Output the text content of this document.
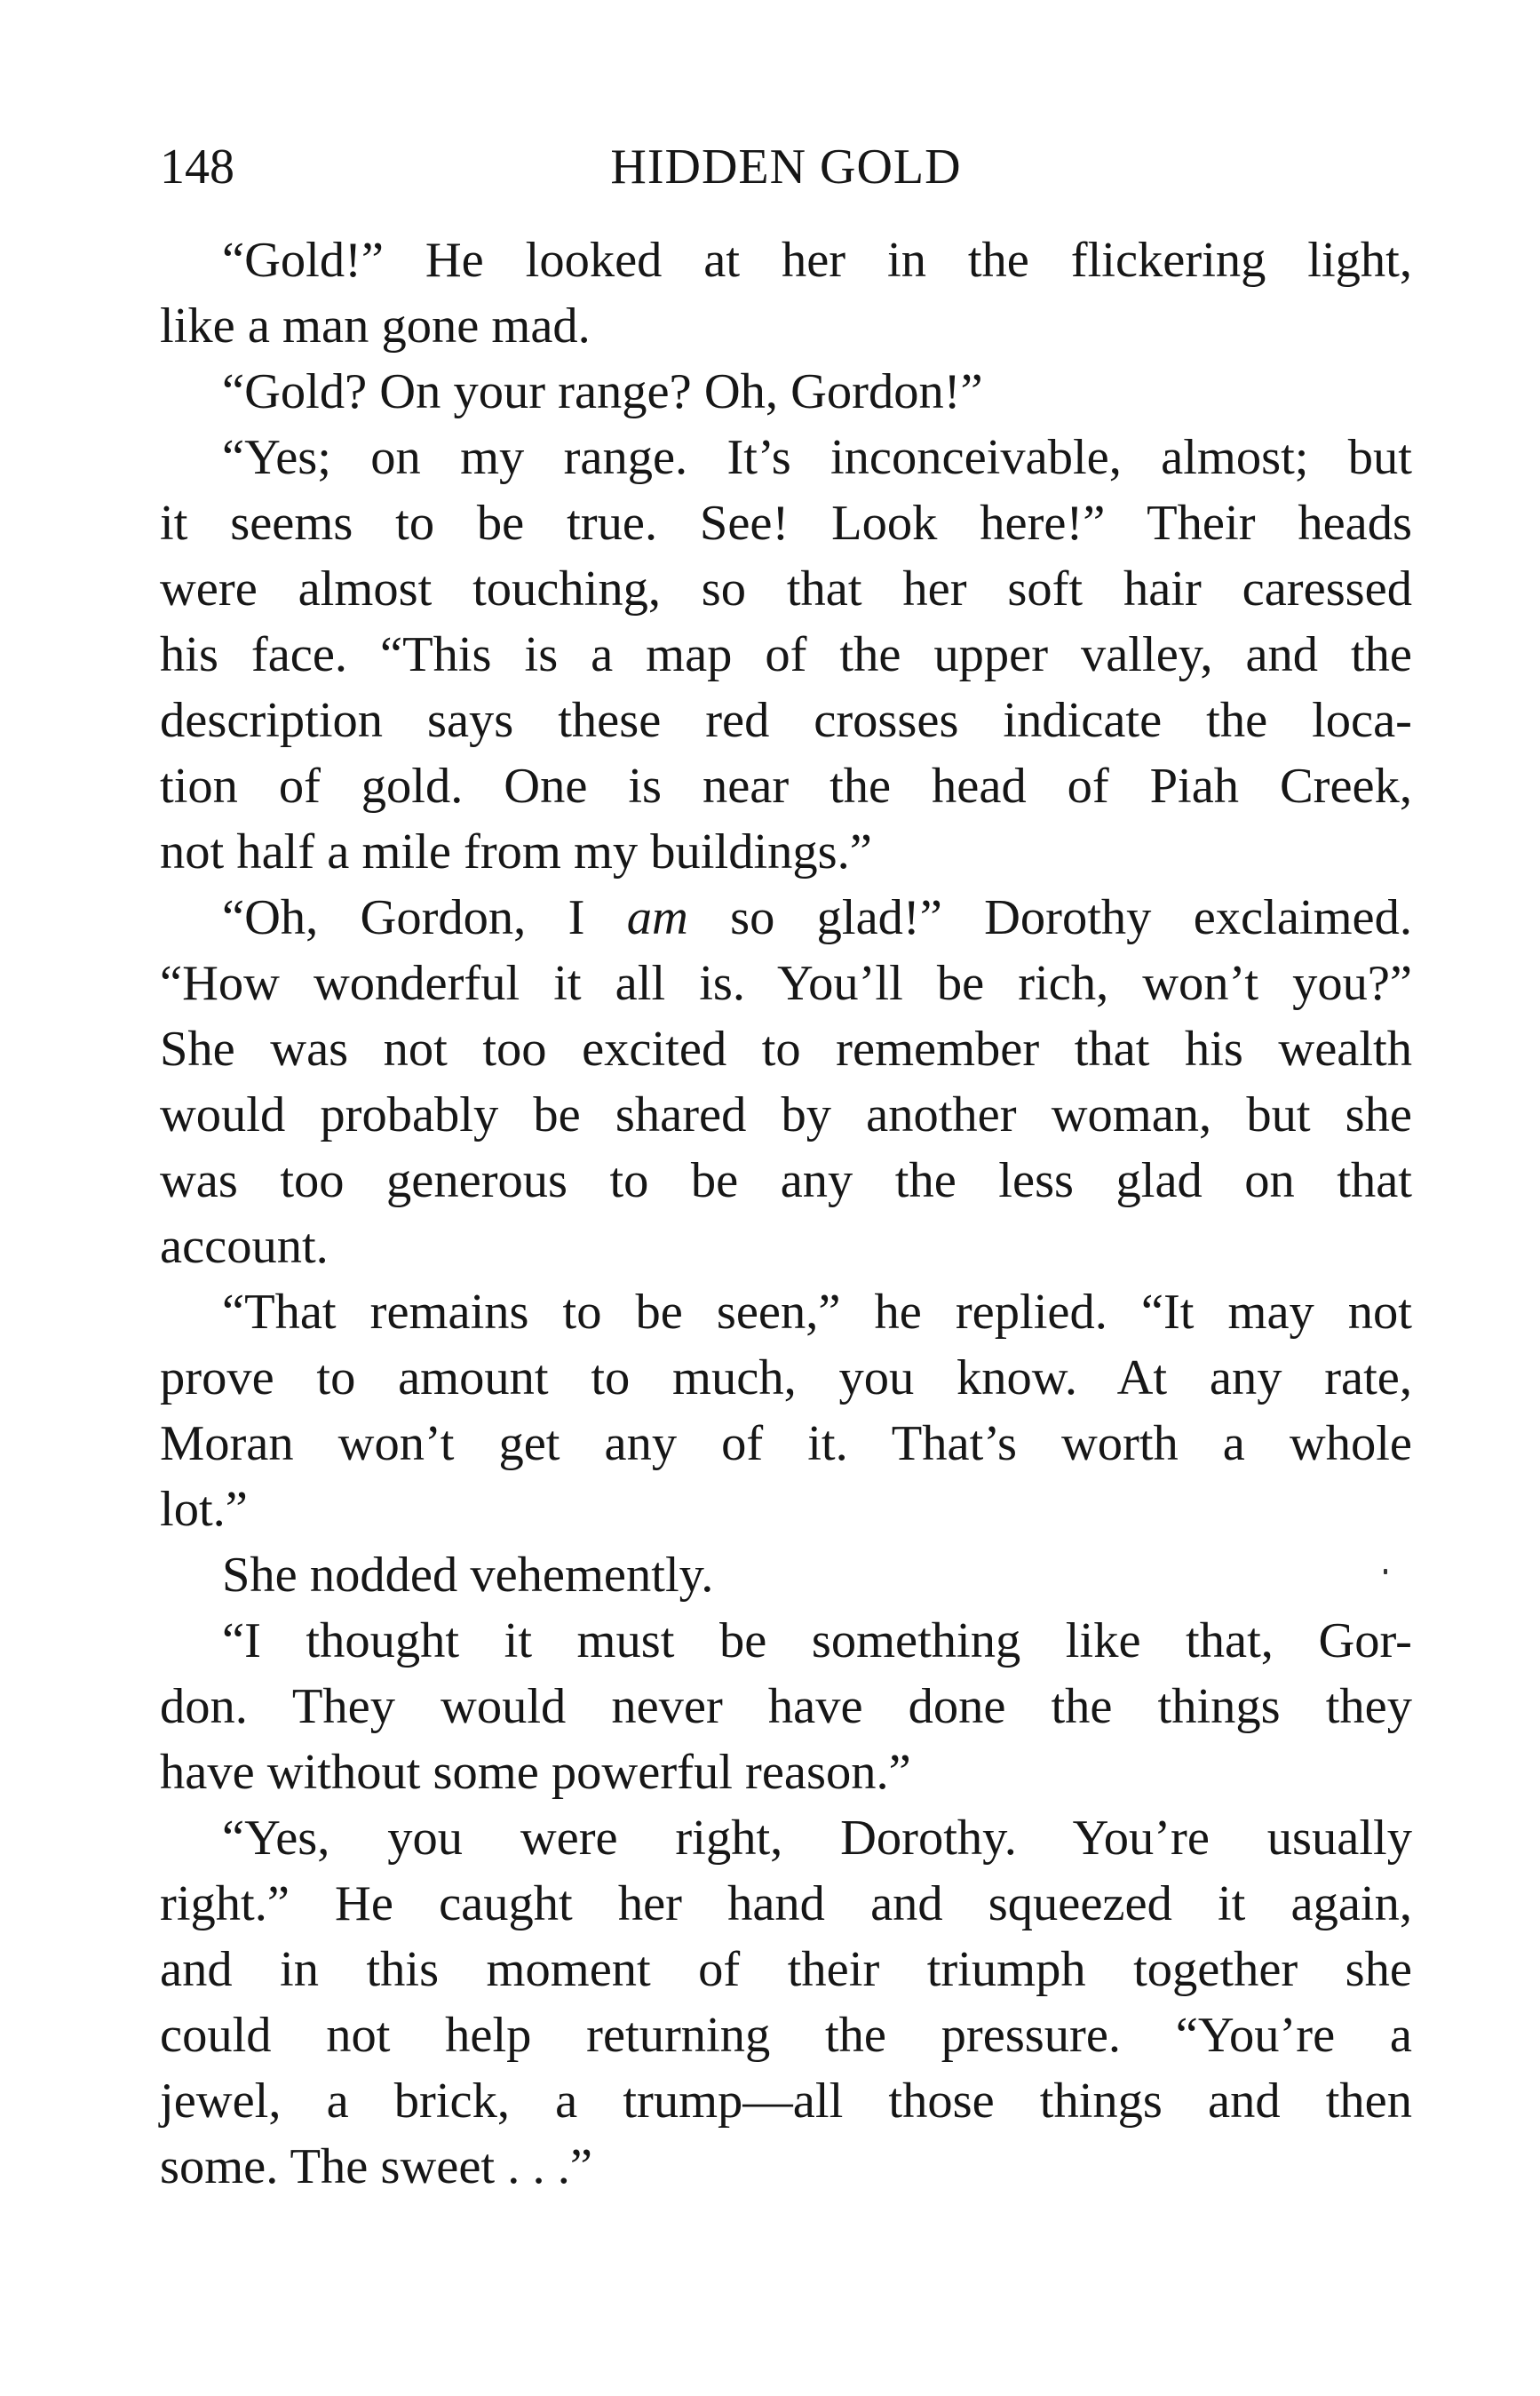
148	HIDDEN GOLD
“Gold!” He looked at her in the flickering light,
like a man gone mad.
“Gold? On your range? Oh, Gordon!”
“Yes; on my range. It’s inconceivable, almost; but
it seems to be true. See! Look here!” Their heads
were almost touching, so that her soft hair caressed
his face. “This is a map of the upper valley, and the
description says these red crosses indicate the loca-
tion of gold. One is near the head of Piah Creek,
not half a mile from my buildings.”
“Oh, Gordon, I am so glad!” Dorothy exclaimed.
“How wonderful it all is. You’ll be rich, won’t you?”
She was not too excited to remember that his wealth
would probably be shared by another woman, but she
was too generous to be any the less glad on that
account.
“That remains to be seen,” he replied. “It may not
prove to amount to much, you know. At any rate,
Moran won’t get any of it. That’s worth a whole
lot.”
She nodded vehemently.
“I thought it must be something like that, Gor-
don. They would never have done the things they
have without some powerful reason.”
“Yes, you were right, Dorothy. You’re usually
right.” He caught her hand and squeezed it again,
and in this moment of their triumph together she
could not help returning the pressure. “You’re a
jewel, a brick, a trump—all those things and then
some. The sweet . . .”
